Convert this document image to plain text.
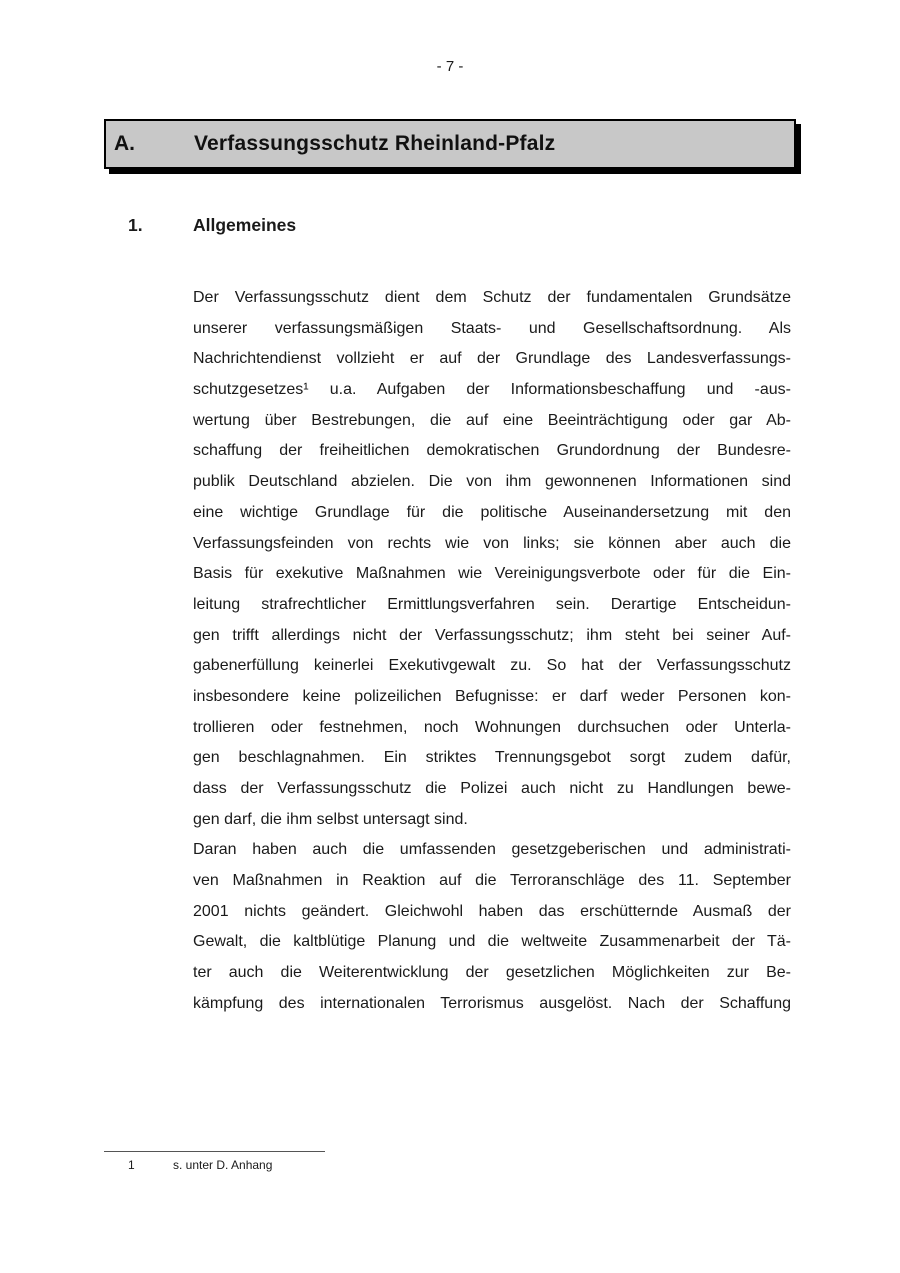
- 7 -
A.	Verfassungsschutz Rheinland-Pfalz
1.	Allgemeines
Der Verfassungsschutz dient dem Schutz der fundamentalen Grundsätze
unserer verfassungsmäßigen Staats- und Gesellschaftsordnung. Als
Nachrichtendienst vollzieht er auf der Grundlage des Landesverfassungs-
schutzgesetzes¹ u.a. Aufgaben der Informationsbeschaffung und -aus-
wertung über Bestrebungen, die auf eine Beeinträchtigung oder gar Ab-
schaffung der freiheitlichen demokratischen Grundordnung der Bundesre-
publik Deutschland abzielen. Die von ihm gewonnenen Informationen sind
eine wichtige Grundlage für die politische Auseinandersetzung mit den
Verfassungsfeinden von rechts wie von links; sie können aber auch die
Basis für exekutive Maßnahmen wie Vereinigungsverbote oder für die Ein-
leitung strafrechtlicher Ermittlungsverfahren sein. Derartige Entscheidun-
gen trifft allerdings nicht der Verfassungsschutz; ihm steht bei seiner Auf-
gabenerfüllung keinerlei Exekutivgewalt zu. So hat der Verfassungsschutz
insbesondere keine polizeilichen Befugnisse: er darf weder Personen kon-
trollieren oder festnehmen, noch Wohnungen durchsuchen oder Unterla-
gen beschlagnahmen. Ein striktes Trennungsgebot sorgt zudem dafür,
dass der Verfassungsschutz die Polizei auch nicht zu Handlungen bewe-
gen darf, die ihm selbst untersagt sind.
Daran haben auch die umfassenden gesetzgeberischen und administrati-
ven Maßnahmen in Reaktion auf die Terroranschläge des 11. September
2001 nichts geändert. Gleichwohl haben das erschütternde Ausmaß der
Gewalt, die kaltblütige Planung und die weltweite Zusammenarbeit der Tä-
ter auch die Weiterentwicklung der gesetzlichen Möglichkeiten zur Be-
kämpfung des internationalen Terrorismus ausgelöst. Nach der Schaffung
1	s. unter D. Anhang
